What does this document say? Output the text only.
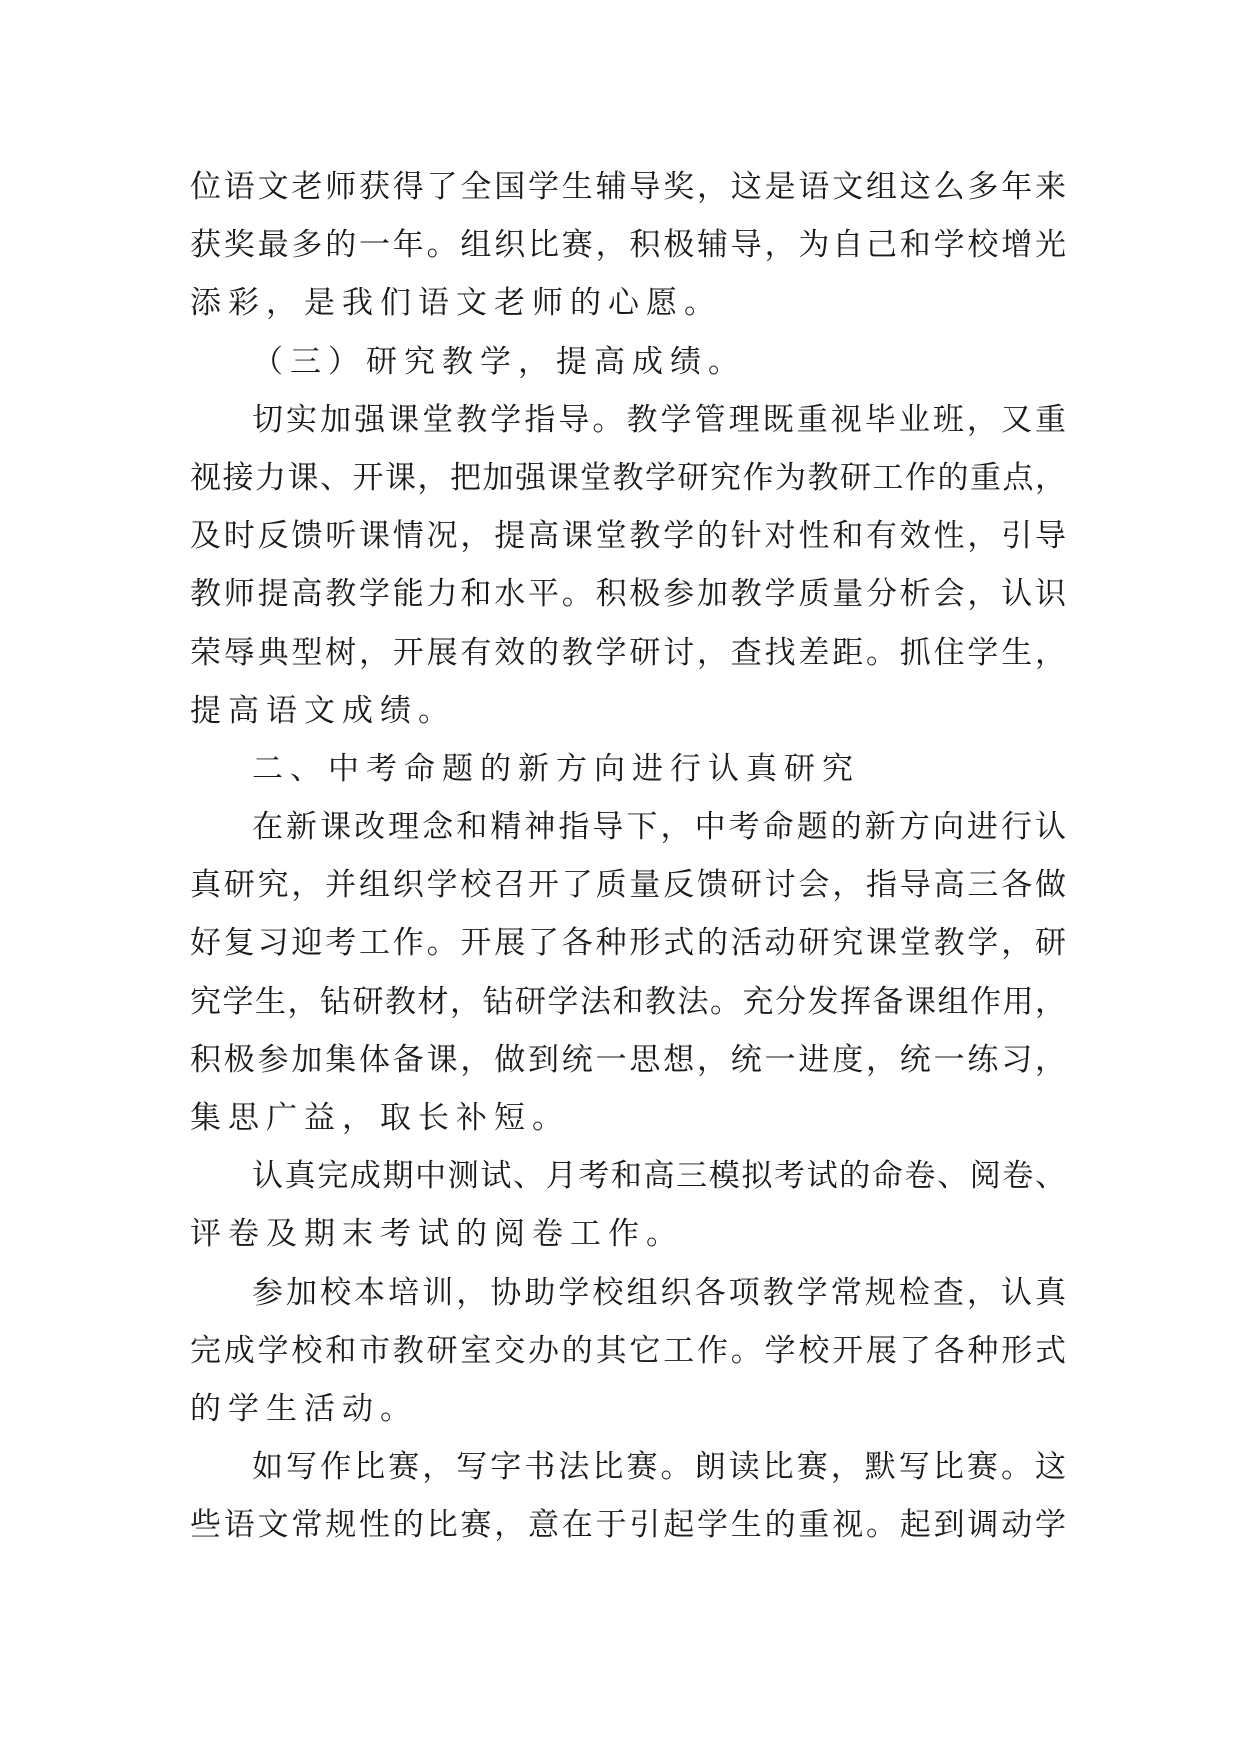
位语文老师获得了全国学生辅导奖，这是语文组这么多年来
获奖最多的一年。组织比赛，积极辅导，为自己和学校增光
添彩，是我们语文老师的心愿。
（三）研究教学，提高成绩。
切实加强课堂教学指导。教学管理既重视毕业班，又重
视接力课、开课，把加强课堂教学研究作为教研工作的重点，
及时反馈听课情况，提高课堂教学的针对性和有效性，引导
教师提高教学能力和水平。积极参加教学质量分析会，认识
荣辱典型树，开展有效的教学研讨，查找差距。抓住学生，
提高语文成绩。
二、中考命题的新方向进行认真研究
在新课改理念和精神指导下，中考命题的新方向进行认
真研究，并组织学校召开了质量反馈研讨会，指导高三各做
好复习迎考工作。开展了各种形式的活动研究课堂教学，研
究学生，钻研教材，钻研学法和教法。充分发挥备课组作用，
积极参加集体备课，做到统一思想，统一进度，统一练习，
集思广益，取长补短。
认真完成期中测试、月考和高三模拟考试的命卷、阅卷、
评卷及期末考试的阅卷工作。
参加校本培训，协助学校组织各项教学常规检查，认真
完成学校和市教研室交办的其它工作。学校开展了各种形式
的学生活动。
如写作比赛，写字书法比赛。朗读比赛，默写比赛。这
些语文常规性的比赛，意在于引起学生的重视。起到调动学
